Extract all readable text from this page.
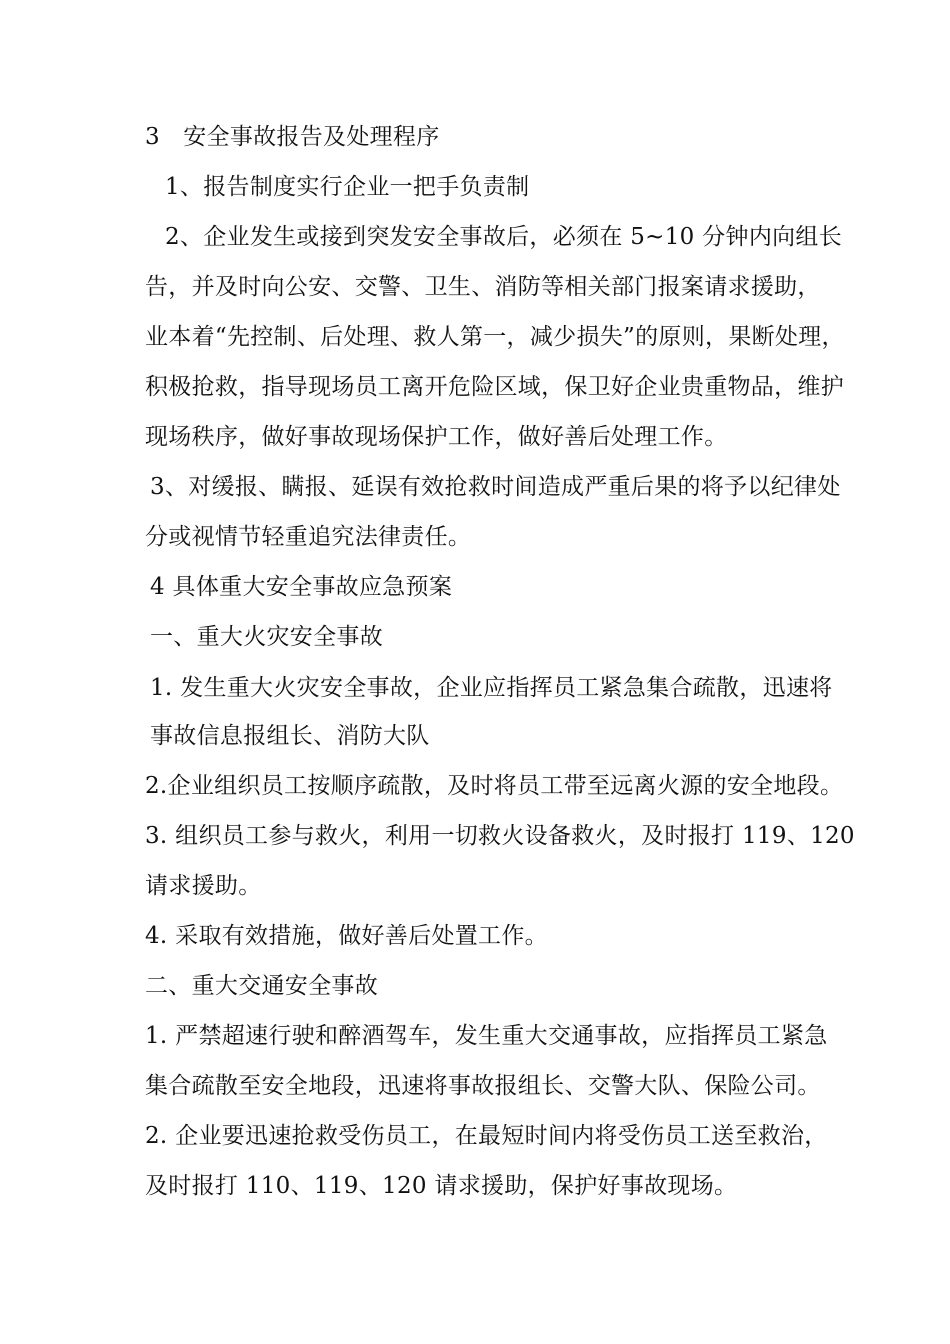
3　安全事故报告及处理程序
1、报告制度实行企业一把手负责制
2、企业发生或接到突发安全事故后，必须在 5~10 分钟内向组长
告，并及时向公安、交警、卫生、消防等相关部门报案请求援助，
业本着“先控制、后处理、救人第一，减少损失”的原则，果断处理，
积极抢救，指导现场员工离开危险区域，保卫好企业贵重物品，维护
现场秩序，做好事故现场保护工作，做好善后处理工作。
3、对缓报、瞒报、延误有效抢救时间造成严重后果的将予以纪律处
分或视情节轻重追究法律责任。
4 具体重大安全事故应急预案
一、重大火灾安全事故
1. 发生重大火灾安全事故，企业应指挥员工紧急集合疏散，迅速将
事故信息报组长、消防大队
2.企业组织员工按顺序疏散，及时将员工带至远离火源的安全地段。
3. 组织员工参与救火，利用一切救火设备救火，及时报打 119、120
请求援助。
4. 采取有效措施，做好善后处置工作。
二、重大交通安全事故
1. 严禁超速行驶和醉酒驾车，发生重大交通事故，应指挥员工紧急
集合疏散至安全地段，迅速将事故报组长、交警大队、保险公司。
2. 企业要迅速抢救受伤员工，在最短时间内将受伤员工送至救治，
及时报打 110、119、120 请求援助，保护好事故现场。
